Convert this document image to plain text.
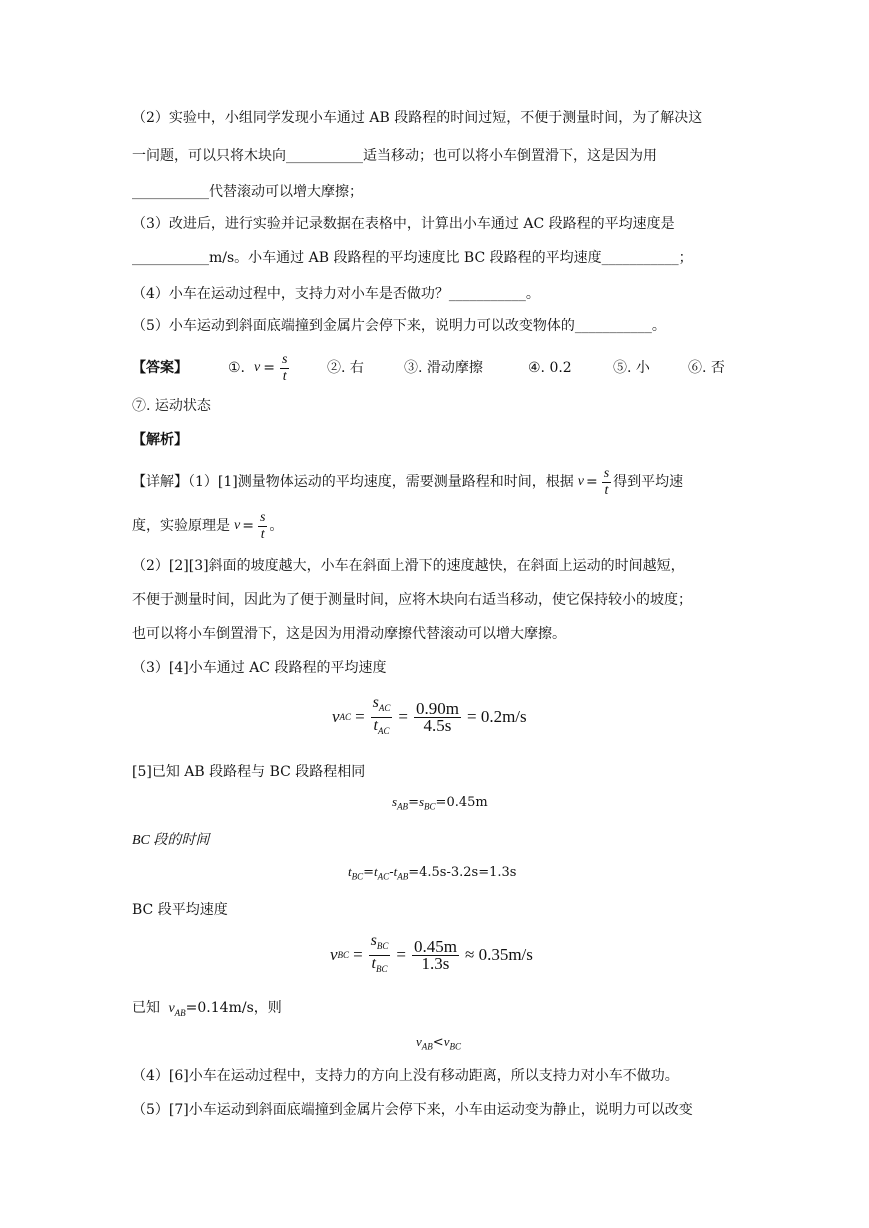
（2）实验中，小组同学发现小车通过 AB 段路程的时间过短，不便于测量时间，为了解决这
一问题，可以只将木块向___________适当移动；也可以将小车倒置滑下，这是因为用
___________代替滚动可以增大摩擦；
（3）改进后，进行实验并记录数据在表格中，计算出小车通过 AC 段路程的平均速度是
___________m/s。小车通过 AB 段路程的平均速度比 BC 段路程的平均速度___________；
（4）小车在运动过程中，支持力对小车是否做功？___________。
（5）小车运动到斜面底端撞到金属片会停下来，说明力可以改变物体的___________。
【答案】	①. $v = \frac{s}{t}$	②. 右	③. 滑动摩擦	④. 0.2	⑤. 小	⑥. 否
⑦. 运动状态
【解析】
【详解】（1）[1]测量物体运动的平均速度，需要测量路程和时间，根据 $v = \frac{s}{t}$ 得到平均速
度，实验原理是 $v = \frac{s}{t}$ 。
（2）[2][3]斜面的坡度越大，小车在斜面上滑下的速度越快，在斜面上运动的时间越短，
不便于测量时间，因此为了便于测量时间，应将木块向右适当移动，使它保持较小的坡度；
也可以将小车倒置滑下，这是因为用滑动摩擦代替滚动可以增大摩擦。
（3）[4]小车通过 AC 段路程的平均速度
v AC = $\frac{s_{AC}}{t_{AC}} = \frac{0.90m}{4.5s} = 0.2m/s$
[5]已知 AB 段路程与 BC 段路程相同
$s_{AB}=s_{BC}=0.45m$
BC 段的时间
$t_{BC}=t_{AC}-t_{AB}=4.5s-3.2s=1.3s$
BC 段平均速度
v BC = $\frac{s_{BC}}{t_{BC}} = \frac{0.45m}{1.3s} \approx 0.35m/s$
已知 $v_{AB}=0.14m/s$，则
$v_{AB}<v_{BC}$
（4）[6]小车在运动过程中，支持力的方向上没有移动距离，所以支持力对小车不做功。
（5）[7]小车运动到斜面底端撞到金属片会停下来，小车由运动变为静止，说明力可以改变
